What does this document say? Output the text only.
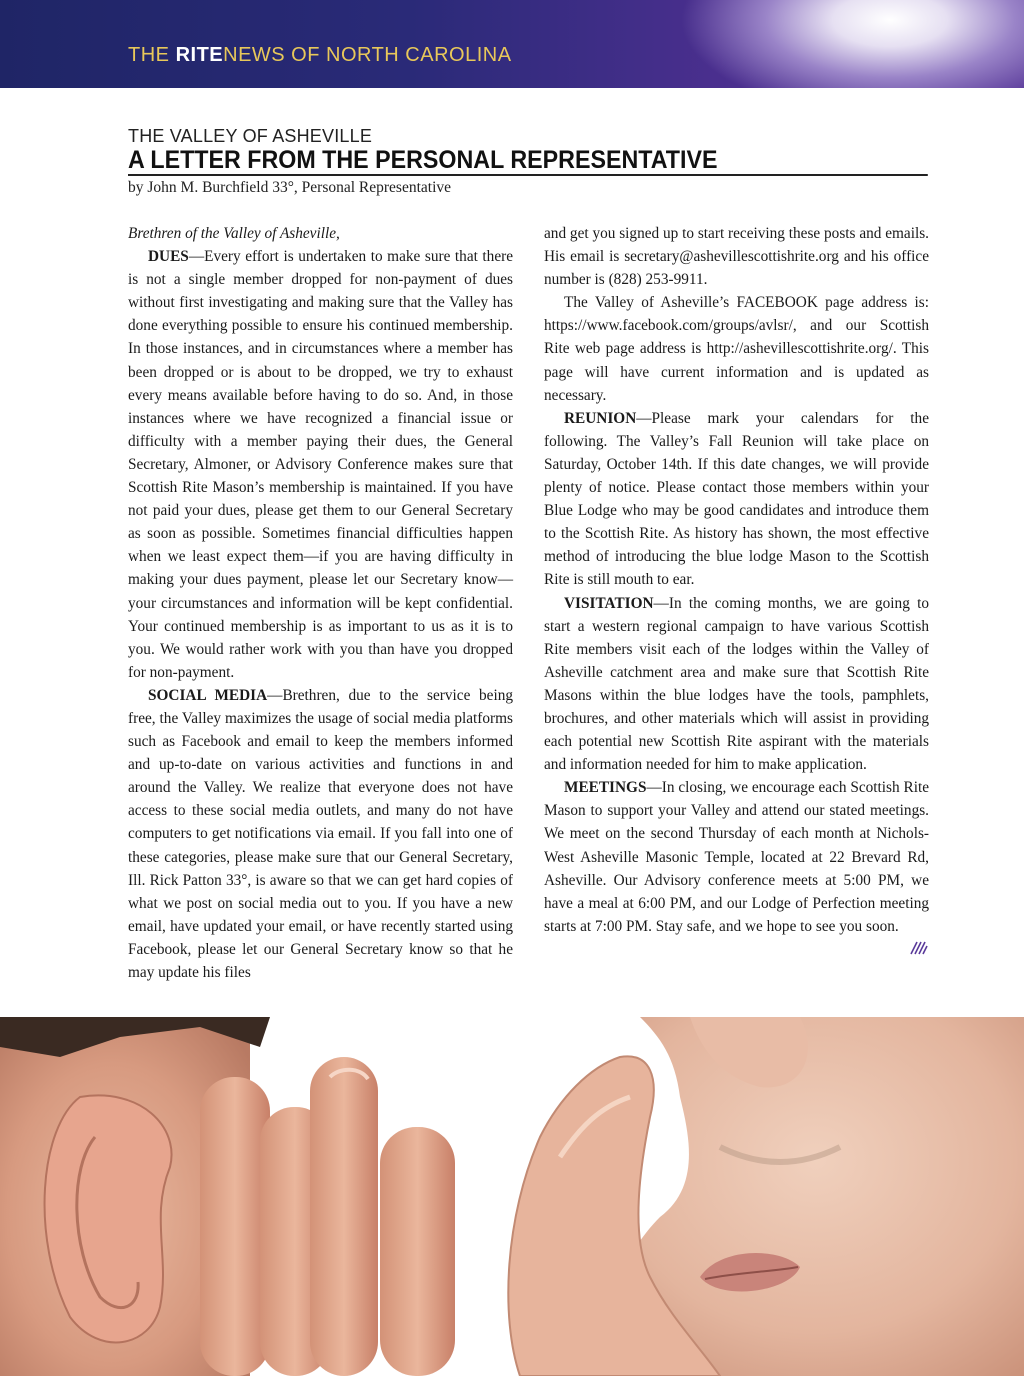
THE RITENEWS OF NORTH CAROLINA
THE VALLEY OF ASHEVILLE
A LETTER FROM THE PERSONAL REPRESENTATIVE
by John M. Burchfield 33°, Personal Representative

Brethren of the Valley of Asheville,

DUES—Every effort is undertaken to make sure that there is not a single member dropped for non-payment of dues without first investigating and making sure that the Valley has done everything possible to ensure his continued membership. In those instances, and in circumstances where a member has been dropped or is about to be dropped, we try to exhaust every means available before having to do so. And, in those instances where we have recognized a financial issue or difficulty with a member paying their dues, the General Secretary, Almoner, or Advisory Conference makes sure that Scottish Rite Mason’s membership is maintained. If you have not paid your dues, please get them to our General Secretary as soon as possible. Sometimes financial difficulties happen when we least expect them—if you are having difficulty in making your dues payment, please let our Secretary know—your circumstances and information will be kept confidential. Your continued membership is as important to us as it is to you. We would rather work with you than have you dropped for non-payment.

SOCIAL MEDIA—Brethren, due to the service being free, the Valley maximizes the usage of social media platforms such as Facebook and email to keep the members informed and up-to-date on various activities and functions in and around the Valley. We realize that everyone does not have access to these social media outlets, and many do not have computers to get notifications via email. If you fall into one of these categories, please make sure that our General Secretary, Ill. Rick Patton 33°, is aware so that we can get hard copies of what we post on social media out to you. If you have a new email, have updated your email, or have recently started using Facebook, please let our General Secretary know so that he may update his files

and get you signed up to start receiving these posts and emails. His email is secretary@ashevillescottishrite.org and his office number is (828) 253-9911.

The Valley of Asheville’s FACEBOOK page address is: https://www.facebook.com/groups/avlsr/, and our Scottish Rite web page address is http://ashevillescottishrite.org/. This page will have current information and is updated as necessary.

REUNION—Please mark your calendars for the following. The Valley’s Fall Reunion will take place on Saturday, October 14th. If this date changes, we will provide plenty of notice. Please contact those members within your Blue Lodge who may be good candidates and introduce them to the Scottish Rite. As history has shown, the most effective method of introducing the blue lodge Mason to the Scottish Rite is still mouth to ear.

VISITATION—In the coming months, we are going to start a western regional campaign to have various Scottish Rite members visit each of the lodges within the Valley of Asheville catchment area and make sure that Scottish Rite Masons within the blue lodges have the tools, pamphlets, brochures, and other materials which will assist in providing each potential new Scottish Rite aspirant with the materials and information needed for him to make application.

MEETINGS—In closing, we encourage each Scottish Rite Mason to support your Valley and attend our stated meetings. We meet on the second Thursday of each month at Nichols-West Asheville Masonic Temple, located at 22 Brevard Rd, Asheville. Our Advisory conference meets at 5:00 PM, we have a meal at 6:00 PM, and our Lodge of Perfection meeting starts at 7:00 PM. Stay safe, and we hope to see you soon.
